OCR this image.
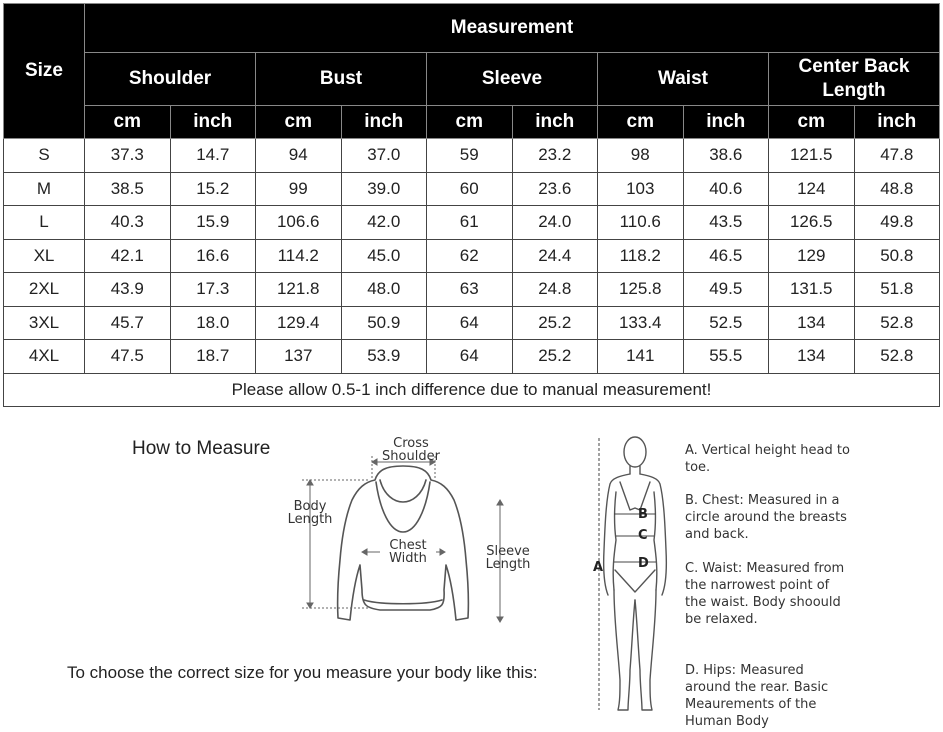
Size	Measurement									
	Shoulder		Bust		Sleeve		Waist		Center Back Length	
	cm	inch	cm	inch	cm	inch	cm	inch	cm	inch
S	37.3	14.7	94	37.0	59	23.2	98	38.6	121.5	47.8
M	38.5	15.2	99	39.0	60	23.6	103	40.6	124	48.8
L	40.3	15.9	106.6	42.0	61	24.0	110.6	43.5	126.5	49.8
XL	42.1	16.6	114.2	45.0	62	24.4	118.2	46.5	129	50.8
2XL	43.9	17.3	121.8	48.0	63	24.8	125.8	49.5	131.5	51.8
3XL	45.7	18.0	129.4	50.9	64	25.2	133.4	52.5	134	52.8
4XL	47.5	18.7	137	53.9	64	25.2	141	55.5	134	52.8
Please allow 0.5-1 inch difference due to manual measurement!										
How to Measure	Cross Shoulder
Body Length
Chest Width	Sleeve Length
To choose the correct size for you measure your body like this:
B
C
D
A
A. Vertical height head to toe.
B. Chest: Measured in a circle around the breasts and back.
C. Waist: Measured from the narrowest point of the waist. Body shoould be relaxed.
D. Hips: Measured around the rear. Basic Meaurements of the Human Body
